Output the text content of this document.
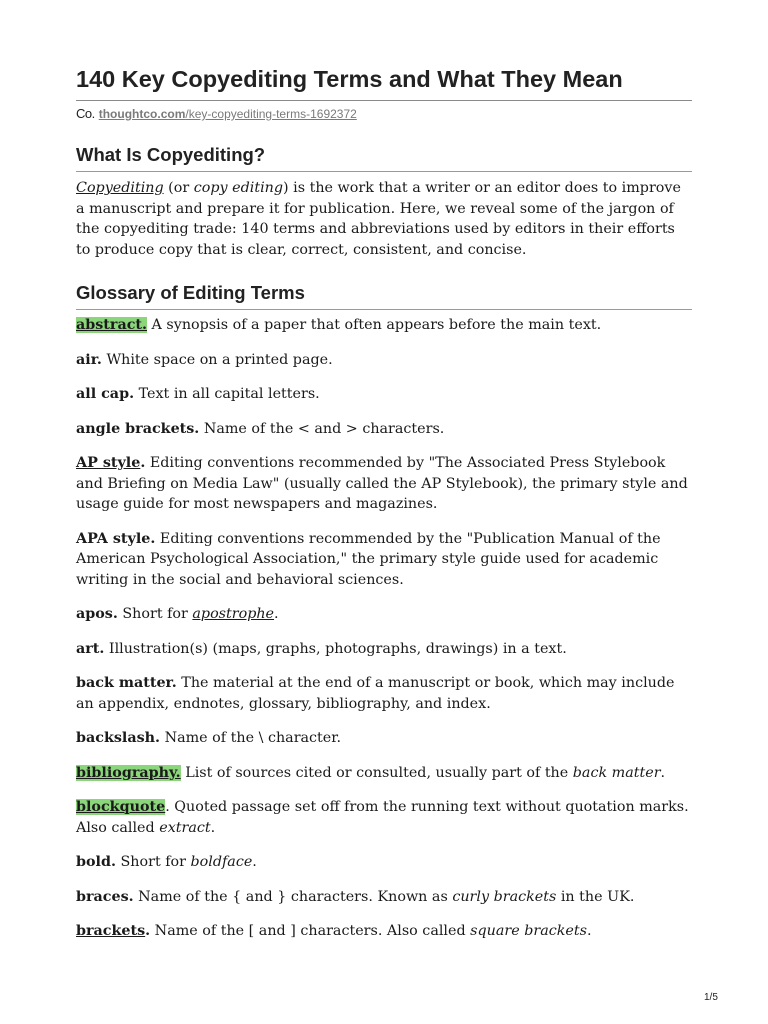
140 Key Copyediting Terms and What They Mean
Co. thoughtco.com /key-copyediting-terms-1692372
What Is Copyediting?

Copyediting (or copy editing) is the work that a writer or an editor does to improve a manuscript and prepare it for publication. Here, we reveal some of the jargon of the copyediting trade: 140 terms and abbreviations used by editors in their efforts to produce copy that is clear, correct, consistent, and concise.

Glossary of Editing Terms

abstract. A synopsis of a paper that often appears before the main text.

air. White space on a printed page.

all cap. Text in all capital letters.

angle brackets. Name of the < and > characters.

AP style. Editing conventions recommended by "The Associated Press Stylebook and Briefing on Media Law" (usually called the AP Stylebook), the primary style and usage guide for most newspapers and magazines.

APA style. Editing conventions recommended by the "Publication Manual of the American Psychological Association," the primary style guide used for academic writing in the social and behavioral sciences.

apos. Short for apostrophe.

art. Illustration(s) (maps, graphs, photographs, drawings) in a text.

back matter. The material at the end of a manuscript or book, which may include an appendix, endnotes, glossary, bibliography, and index.

backslash. Name of the \ character.

bibliography. List of sources cited or consulted, usually part of the back matter.

blockquote. Quoted passage set off from the running text without quotation marks. Also called extract.

bold. Short for boldface.

braces. Name of the { and } characters. Known as curly brackets in the UK.

brackets. Name of the [ and ] characters. Also called square brackets.

1/5
